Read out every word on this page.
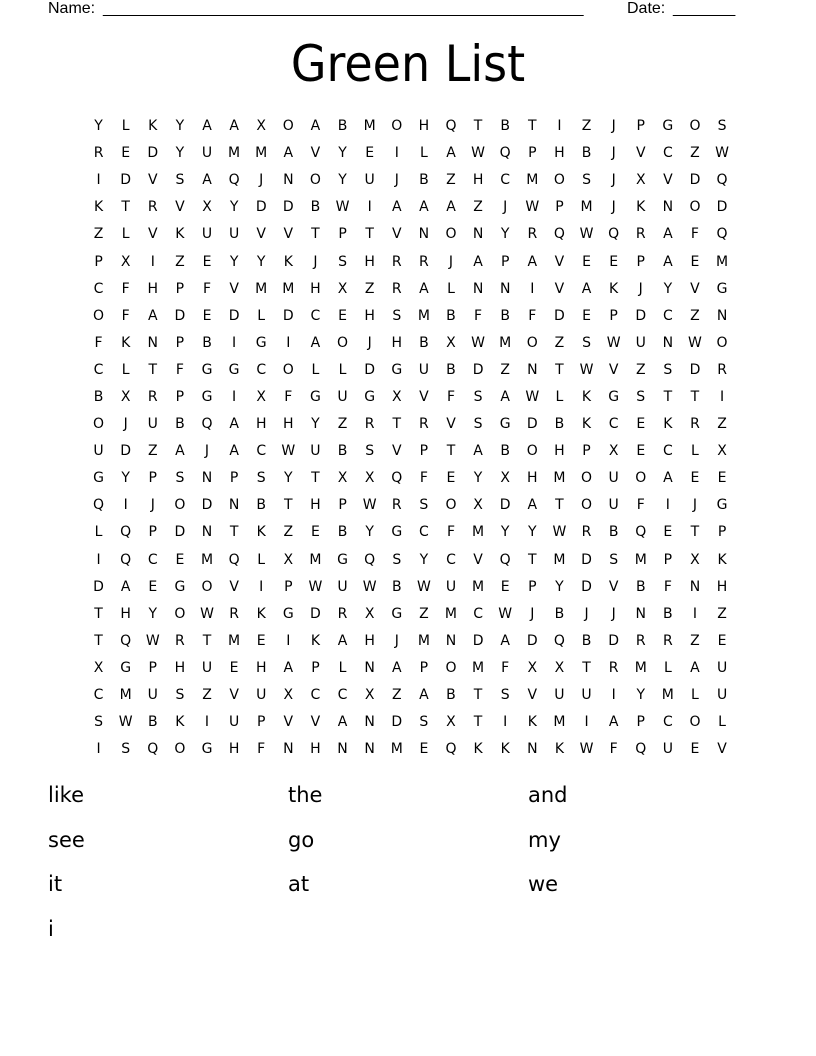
Name: ______________________________________________________	Date: _______
Green List
Y	L	K	Y	A	A	X	O	A	B	M	O	H	Q	T	B	T	I	Z	J	P	G	O	S
R	E	D	Y	U	M	M	A	V	Y	E	I	L	A	W	Q	P	H	B	J	V	C	Z	W
I	D	V	S	A	Q	J	N	O	Y	U	J	B	Z	H	C	M	O	S	J	X	V	D	Q
K	T	R	V	X	Y	D	D	B	W	I	A	A	A	Z	J	W	P	M	J	K	N	O	D
Z	L	V	K	U	U	V	V	T	P	T	V	N	O	N	Y	R	Q	W	Q	R	A	F	Q
P	X	I	Z	E	Y	Y	K	J	S	H	R	R	J	A	P	A	V	E	E	P	A	E	M
C	F	H	P	F	V	M	M	H	X	Z	R	A	L	N	N	I	V	A	K	J	Y	V	G
O	F	A	D	E	D	L	D	C	E	H	S	M	B	F	B	F	D	E	P	D	C	Z	N
F	K	N	P	B	I	G	I	A	O	J	H	B	X	W	M	O	Z	S	W	U	N	W	O
C	L	T	F	G	G	C	O	L	L	D	G	U	B	D	Z	N	T	W	V	Z	S	D	R
B	X	R	P	G	I	X	F	G	U	G	X	V	F	S	A	W	L	K	G	S	T	T	I
O	J	U	B	Q	A	H	H	Y	Z	R	T	R	V	S	G	D	B	K	C	E	K	R	Z
U	D	Z	A	J	A	C	W	U	B	S	V	P	T	A	B	O	H	P	X	E	C	L	X
G	Y	P	S	N	P	S	Y	T	X	X	Q	F	E	Y	X	H	M	O	U	O	A	E	E
Q	I	J	O	D	N	B	T	H	P	W	R	S	O	X	D	A	T	O	U	F	I	J	G
L	Q	P	D	N	T	K	Z	E	B	Y	G	C	F	M	Y	Y	W	R	B	Q	E	T	P
I	Q	C	E	M	Q	L	X	M	G	Q	S	Y	C	V	Q	T	M	D	S	M	P	X	K
D	A	E	G	O	V	I	P	W	U	W	B	W	U	M	E	P	Y	D	V	B	F	N	H
T	H	Y	O	W	R	K	G	D	R	X	G	Z	M	C	W	J	B	J	J	N	B	I	Z
T	Q	W	R	T	M	E	I	K	A	H	J	M	N	D	A	D	Q	B	D	R	R	Z	E
X	G	P	H	U	E	H	A	P	L	N	A	P	O	M	F	X	X	T	R	M	L	A	U
C	M	U	S	Z	V	U	X	C	C	X	Z	A	B	T	S	V	U	U	I	Y	M	L	U
S	W	B	K	I	U	P	V	V	A	N	D	S	X	T	I	K	M	I	A	P	C	O	L
I	S	Q	O	G	H	F	N	H	N	N	M	E	Q	K	K	N	K	W	F	Q	U	E	V
like	the	and
see	go	my
it	at	we
i
